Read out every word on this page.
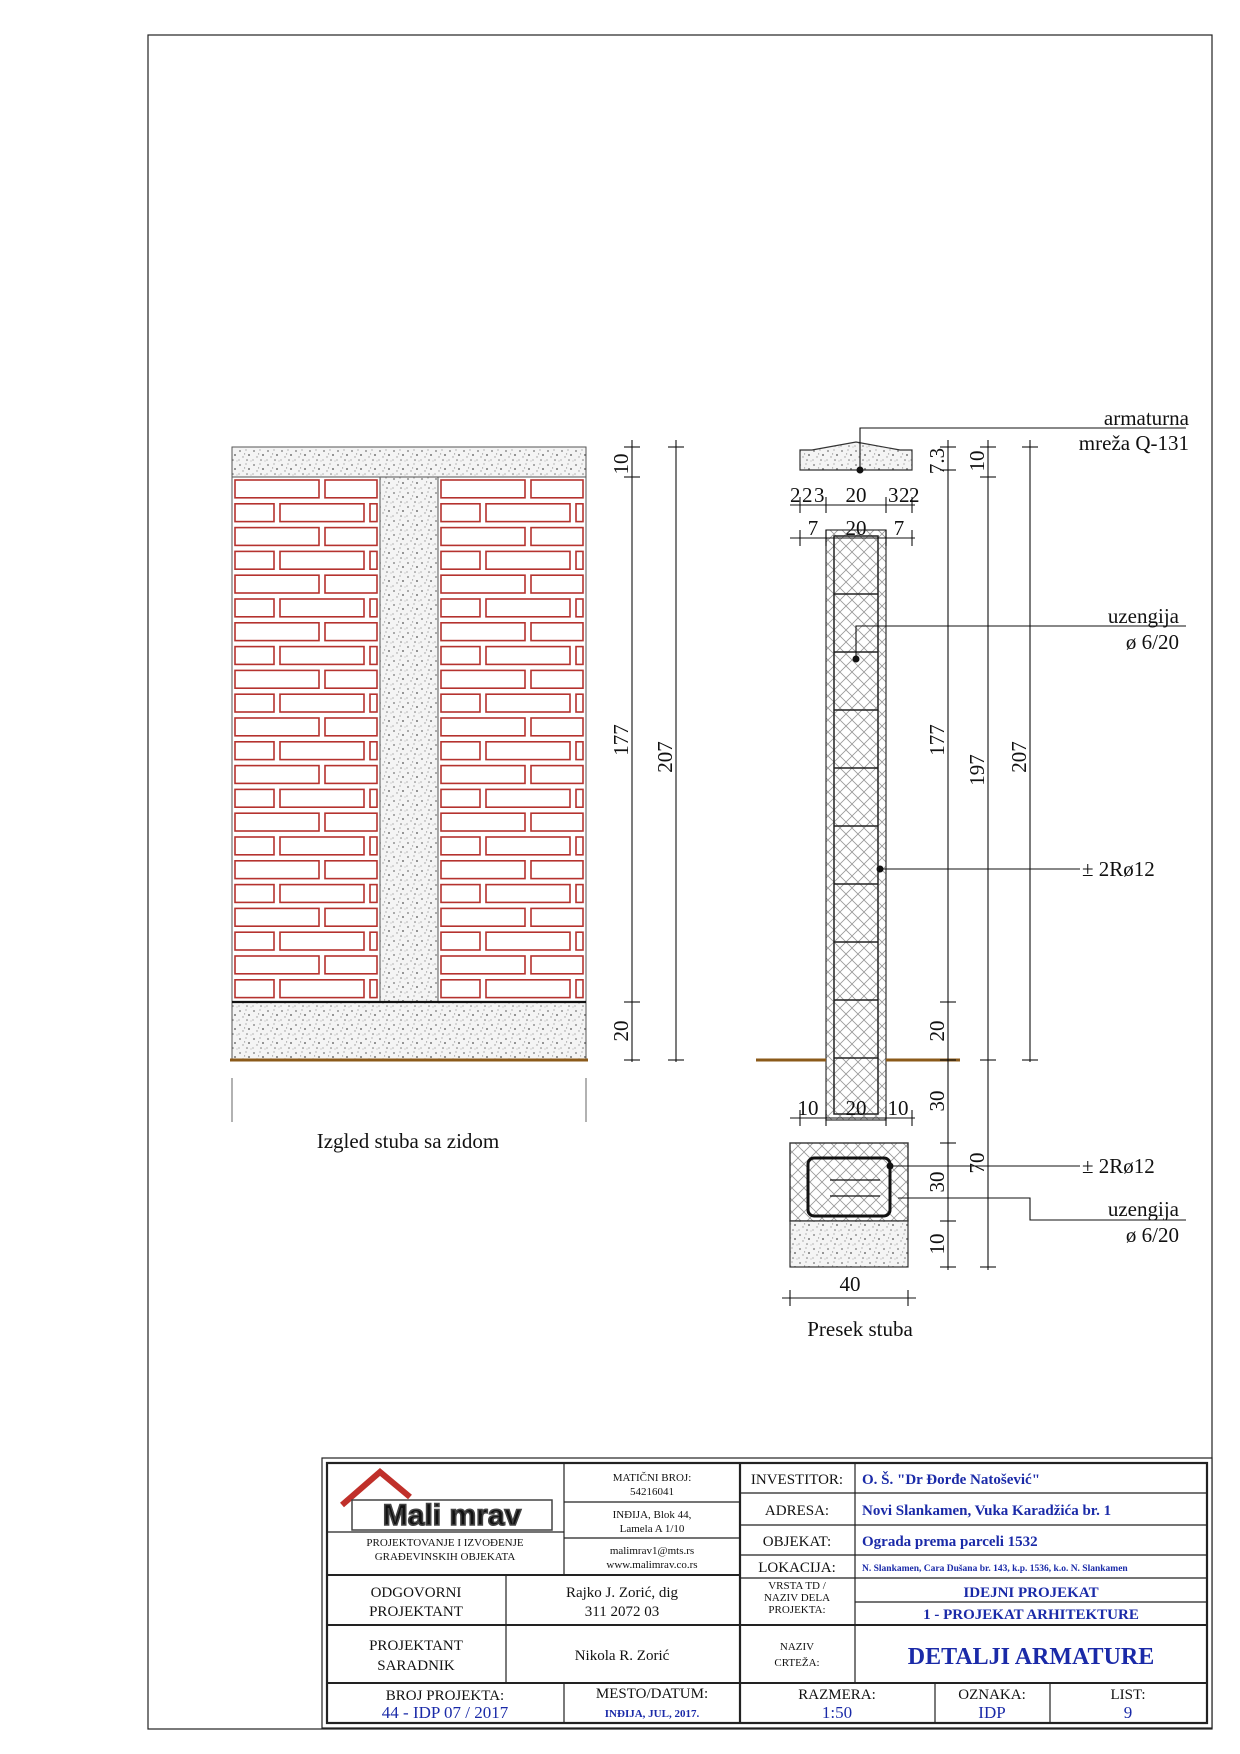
10
177
207
20
Izgled stuba sa zidom
2 2 3 20 3 2 2
7 20 7
10 20 10
40
7.3
177
20
30
30
10
10
197
70
207
armaturna
mreža Q-131
uzengija
ø 6/20
± 2Rø12
± 2Rø12
uzengija
ø 6/20
Presek stuba
Mali mrav
PROJEKTOVANJE I IZVOĐENJE
GRAĐEVINSKIH OBJEKATA
MATIČNI BROJ:
54216041
INĐIJA, Blok 44,
Lamela A 1/10
malimrav1@mts.rs
www.malimrav.co.rs
INVESTITOR: O. Š. "Dr Đorđe Natošević"
ADRESA: Novi Slankamen, Vuka Karadžića br. 1
OBJEKAT: Ograda prema parceli 1532
LOKACIJA:	N. Slankamen, Cara Dušana br. 143, k.p. 1536, k.o. N. Slankamen
ODGOVORNI
PROJEKTANT
Rajko J. Zorić, dig
311 2072 03
VRSTA TD /
NAZIV DELA
PROJEKTA:
IDEJNI PROJEKAT
1 - PROJEKAT ARHITEKTURE
PROJEKTANT
SARADNIK
Nikola R. Zorić
NAZIV
CRTEŽA:	DETALJI ARMATURE
BROJ PROJEKTA:
44 - IDP 07 / 2017
MESTO/DATUM:
INĐIJA, JUL, 2017.
RAZMERA:
1:50
OZNAKA:
IDP
LIST:
9
